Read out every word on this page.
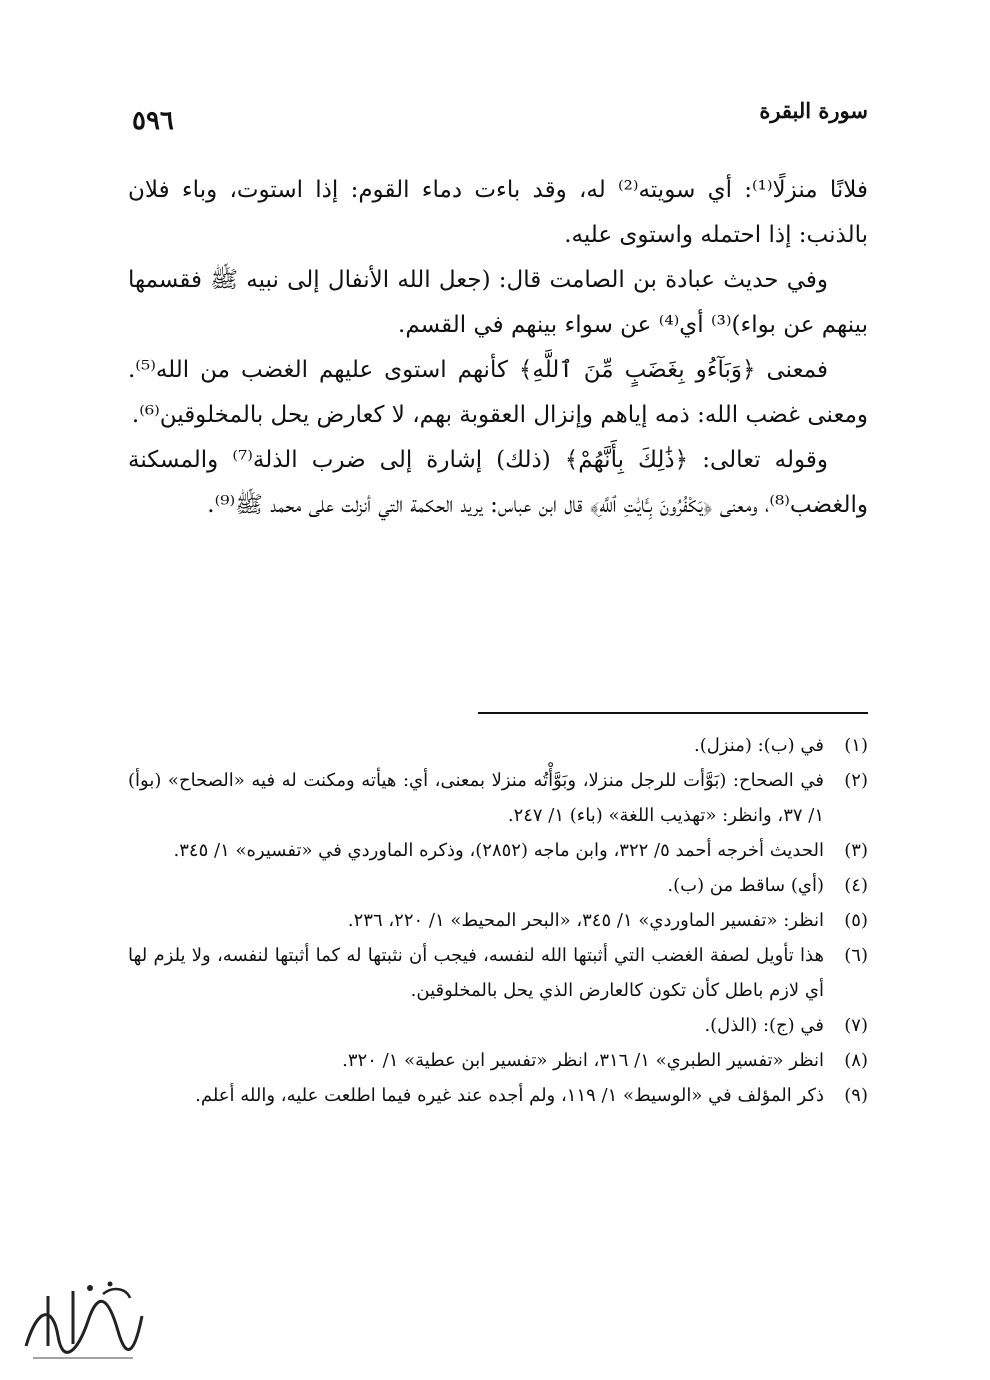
سورة البقرة
٥٩٦

فلانًا منزلًا⁽¹⁾: أي سويته⁽²⁾ له، وقد باءت دماء القوم: إذا استوت، وباء فلان بالذنب: إذا احتمله واستوى عليه.

وفي حديث عبادة بن الصامت قال: (جعل الله الأنفال إلى نبيه ﷺ فقسمها بينهم عن بواء)⁽³⁾ أي⁽⁴⁾ عن سواء بينهم في القسم.

فمعنى ﴿وَبَآءُو بِغَضَبٍ مِّنَ ٱللَّهِ﴾ كأنهم استوى عليهم الغضب من الله⁽⁵⁾. ومعنى غضب الله: ذمه إياهم وإنزال العقوبة بهم، لا كعارض يحل بالمخلوقين⁽⁶⁾.

وقوله تعالى: ﴿ذَٰلِكَ بِأَنَّهُمْ﴾ (ذلك) إشارة إلى ضرب الذلة⁽⁷⁾ والمسكنة والغضب⁽⁸⁾، ومعنى ﴿يَكْفُرُونَ بِـَٔايَٰتِ ٱللَّهِ﴾ قال ابن عباس: يريد الحكمة التي أنزلت على محمد ﷺ⁽⁹⁾.

(١)
في (ب): (منزل).
(٢)
في الصحاح: (بَوَّأت للرجل منزلا، وبَوَّأْتُه منزلا بمعنى، أي: هيأته ومكنت له فيه «الصحاح» (بوأ) ١/ ٣٧، وانظر: «تهذيب اللغة» (باء) ١/ ٢٤٧.
(٣)
الحديث أخرجه أحمد ٥/ ٣٢٢، وابن ماجه (٢٨٥٢)، وذكره الماوردي في «تفسيره» ١/ ٣٤٥.
(٤)
(أي) ساقط من (ب).
(٥)
انظر: «تفسير الماوردي» ١/ ٣٤٥، «البحر المحيط» ١/ ٢٢٠، ٢٣٦.
(٦)
هذا تأويل لصفة الغضب التي أثبتها الله لنفسه، فيجب أن نثبتها له كما أثبتها لنفسه، ولا يلزم لها أي لازم باطل كأن تكون كالعارض الذي يحل بالمخلوقين.
(٧)
في (ج): (الذل).
(٨)
انظر «تفسير الطبري» ١/ ٣١٦، انظر «تفسير ابن عطية» ١/ ٣٢٠.
(٩)
ذكر المؤلف في «الوسيط» ١/ ١١٩، ولم أجده عند غيره فيما اطلعت عليه، والله أعلم.
